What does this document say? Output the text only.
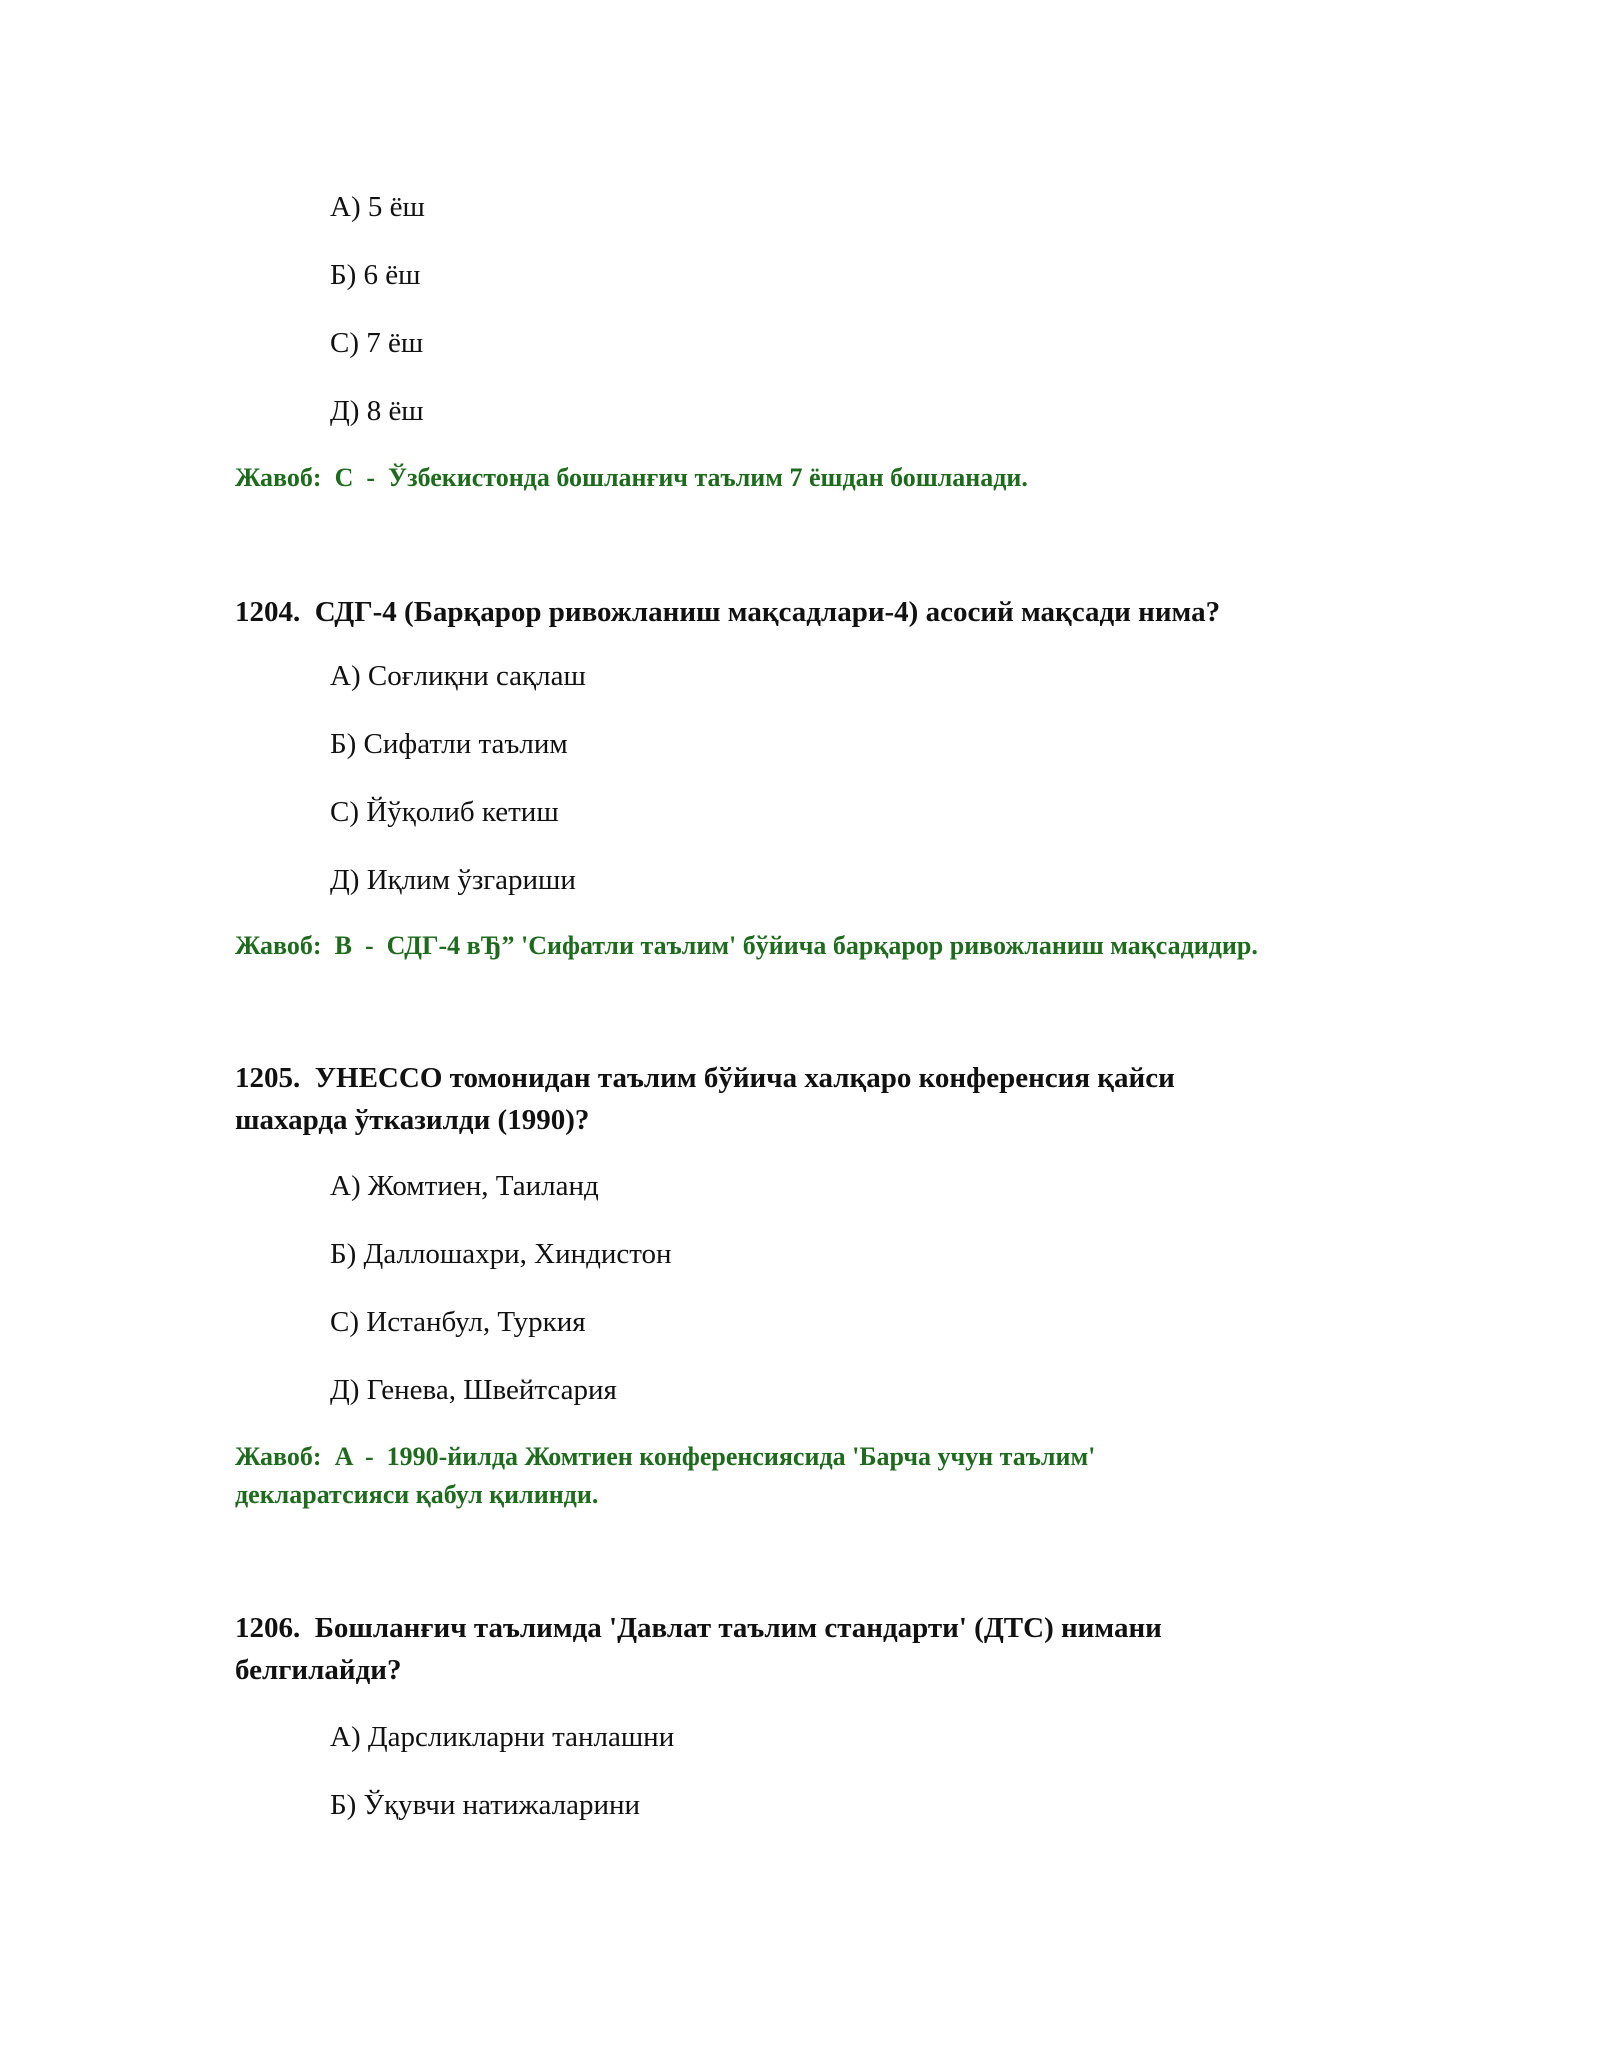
А) 5 ёш
Б) 6 ёш
С) 7 ёш
Д) 8 ёш
Жавоб: C - Ўзбекистонда бошланғич таълим 7 ёшдан бошланади.
1204. СДГ-4 (Барқарор ривожланиш мақсадлари-4) асосий мақсади нима?
А) Соғлиқни сақлаш
Б) Сифатли таълим
С) Йўқолиб кетиш
Д) Иқлим ўзгариши
Жавоб: B - СДГ-4 вЂ” 'Сифатли таълим' бўйича барқарор ривожланиш мақсадидир.
1205. УНЕССО томонидан таълим бўйича халқаро конференсия қайси шахарда ўтказилди (1990)?
А) Жомтиен, Таиланд
Б) Даллошахри, Хиндистон
С) Истанбул, Туркия
Д) Генева, Швейтсария
Жавоб: A - 1990-йилда Жомтиен конференсиясида 'Барча учун таълим' декларатсияси қабул қилинди.
1206. Бошланғич таълимда 'Давлат таълим стандарти' (ДТС) нимани белгилайди?
А) Дарсликларни танлашни
Б) Ўқувчи натижаларини
